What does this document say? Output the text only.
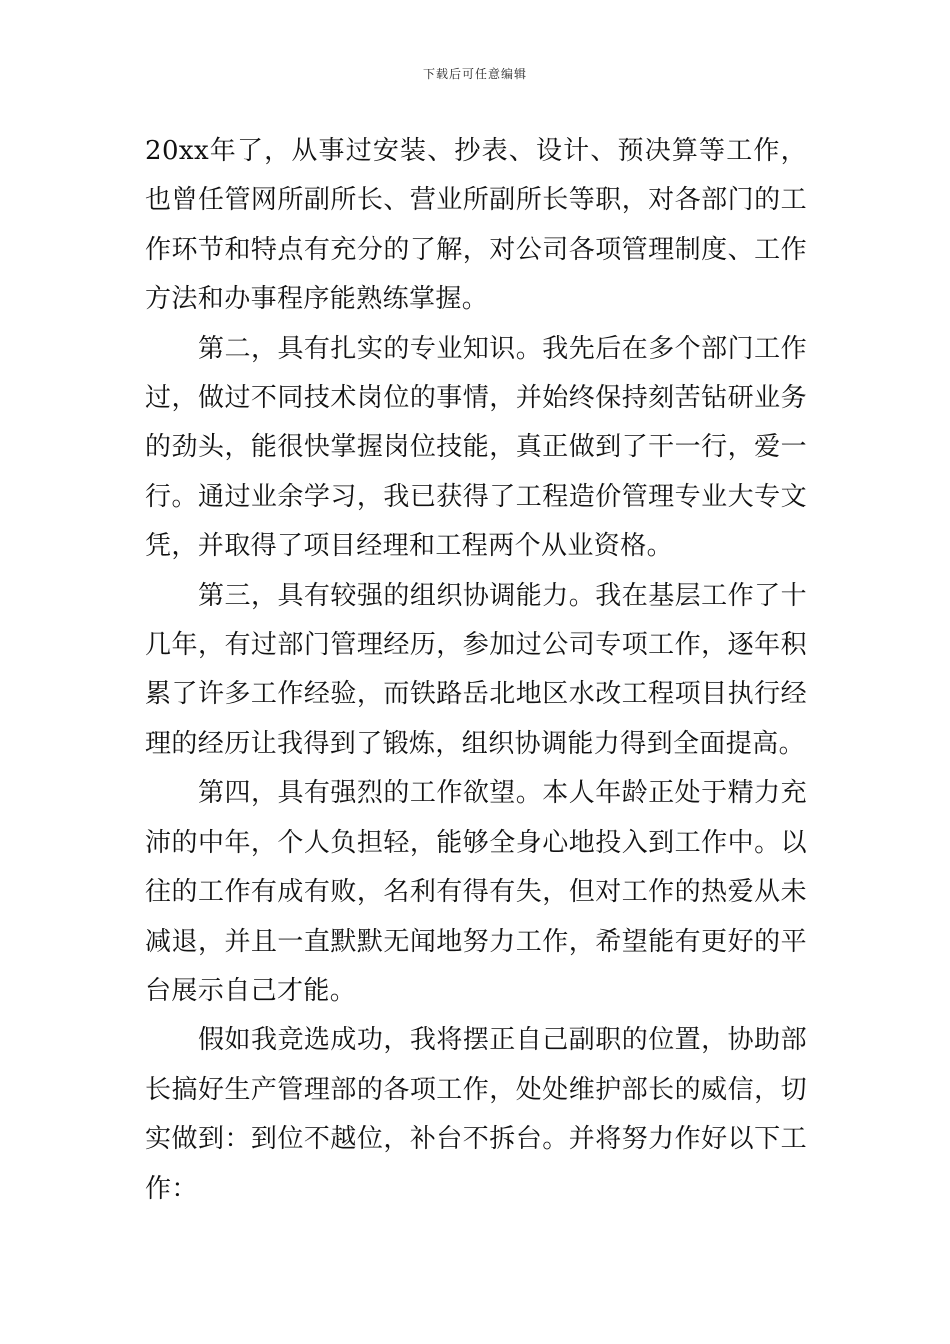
下载后可任意编辑

20xx年了，从事过安装、抄表、设计、预决算等工作，也曾任管网所副所长、营业所副所长等职，对各部门的工作环节和特点有充分的了解，对公司各项管理制度、工作方法和办事程序能熟练掌握。

第二，具有扎实的专业知识。我先后在多个部门工作过，做过不同技术岗位的事情，并始终保持刻苦钻研业务的劲头，能很快掌握岗位技能，真正做到了干一行，爱一行。通过业余学习，我已获得了工程造价管理专业大专文凭，并取得了项目经理和工程两个从业资格。

第三，具有较强的组织协调能力。我在基层工作了十几年，有过部门管理经历，参加过公司专项工作，逐年积累了许多工作经验，而铁路岳北地区水改工程项目执行经理的经历让我得到了锻炼，组织协调能力得到全面提高。

第四，具有强烈的工作欲望。本人年龄正处于精力充沛的中年，个人负担轻，能够全身心地投入到工作中。以往的工作有成有败，名利有得有失，但对工作的热爱从未减退，并且一直默默无闻地努力工作，希望能有更好的平台展示自己才能。

假如我竞选成功，我将摆正自己副职的位置，协助部长搞好生产管理部的各项工作，处处维护部长的威信，切实做到：到位不越位，补台不拆台。并将努力作好以下工作：
